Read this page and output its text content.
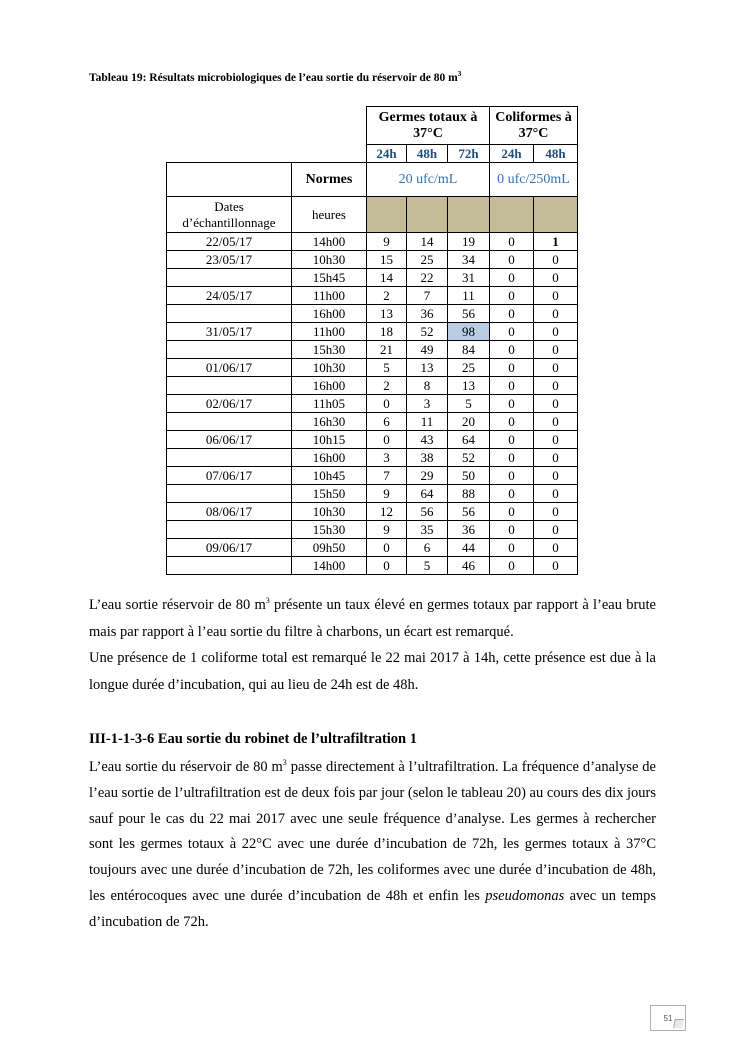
Tableau 19: Résultats microbiologiques de l’eau sortie du réservoir de 80 $m^3$
		Germes totaux à 37°C			Coliformes à 37°C	
		24h	48h	72h	24h	48h
	Normes	20 ufc/mL			0 ufc/250mL	
Dates d’échantillonnage	heures					
22/05/17	14h00	9	14	19	0	1
23/05/17	10h30	15	25	34	0	0
	15h45	14	22	31	0	0
24/05/17	11h00	2	7	11	0	0
	16h00	13	36	56	0	0
31/05/17	11h00	18	52	98	0	0
	15h30	21	49	84	0	0
01/06/17	10h30	5	13	25	0	0
	16h00	2	8	13	0	0
02/06/17	11h05	0	3	5	0	0
	16h30	6	11	20	0	0
06/06/17	10h15	0	43	64	0	0
	16h00	3	38	52	0	0
07/06/17	10h45	7	29	50	0	0
	15h50	9	64	88	0	0
08/06/17	10h30	12	56	56	0	0
	15h30	9	35	36	0	0
09/06/17	09h50	0	6	44	0	0
	14h00	0	5	46	0	0

L’eau sortie réservoir de 80 $m^3$ présente un taux élevé en germes totaux par rapport à l’eau brute mais par rapport à l’eau sortie du filtre à charbons, un écart est remarqué.

Une présence de 1 coliforme total est remarqué le 22 mai 2017 à 14h, cette présence est due à la longue durée d’incubation, qui au lieu de 24h est de 48h.

III-1-1-3-6 Eau sortie du robinet de l’ultrafiltration 1

L’eau sortie du réservoir de 80 $m^3$ passe directement à l’ultrafiltration. La fréquence d’analyse de l’eau sortie de l’ultrafiltration est de deux fois par jour (selon le tableau 20) au cours des dix jours sauf pour le cas du 22 mai 2017 avec une seule fréquence d’analyse. Les germes à rechercher sont les germes totaux à 22°C avec une durée d’incubation de 72h, les germes totaux à 37°C toujours avec une durée d’incubation de 72h, les coliformes avec une durée d’incubation de 48h, les entérocoques avec une durée d’incubation de 48h et enfin les pseudomonas avec un temps d’incubation de 72h.

51
